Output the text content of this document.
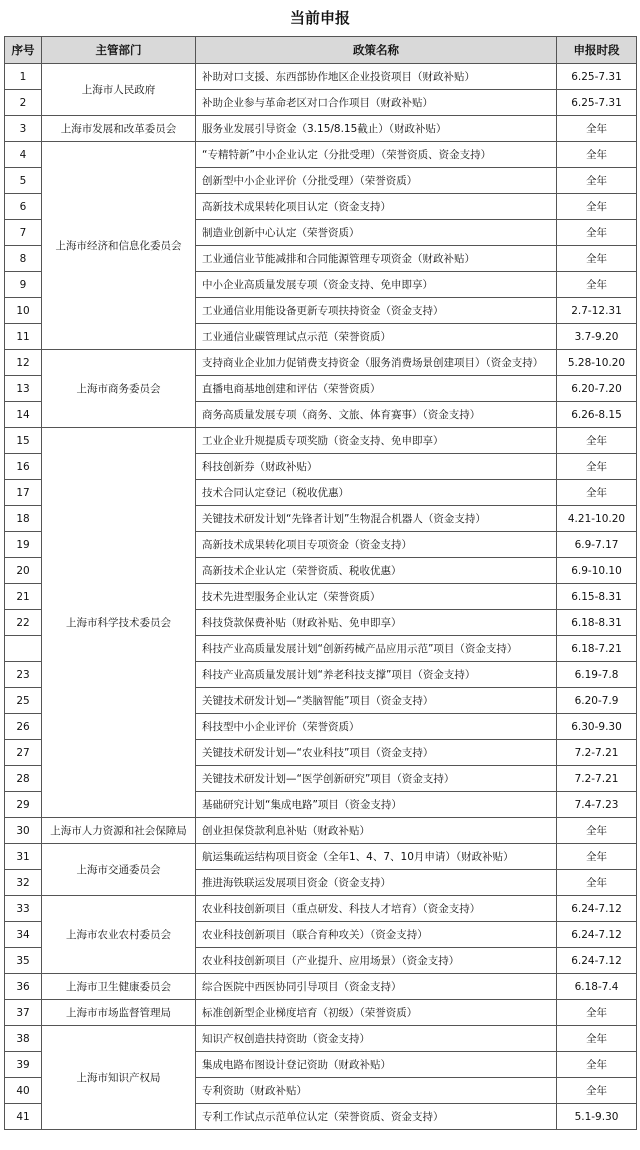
当前申报
序号	主管部门	政策名称	申报时段
1	上海市人民政府	补助对口支援、东西部协作地区企业投资项目（财政补贴）	6.25-7.31
2		补助企业参与革命老区对口合作项目（财政补贴）	6.25-7.31
3	上海市发展和改革委员会	服务业发展引导资金（3.15/8.15截止）（财政补贴）	全年
4	上海市经济和信息化委员会	“专精特新”中小企业认定（分批受理）（荣誉资质、资金支持）	全年
5		创新型中小企业评价（分批受理）（荣誉资质）	全年
6		高新技术成果转化项目认定（资金支持）	全年
7		制造业创新中心认定（荣誉资质）	全年
8		工业通信业节能减排和合同能源管理专项资金（财政补贴）	全年
9		中小企业高质量发展专项（资金支持、免申即享）	全年
10		工业通信业用能设备更新专项扶持资金（资金支持）	2.7-12.31
11		工业通信业碳管理试点示范（荣誉资质）	3.7-9.20
12	上海市商务委员会	支持商业企业加力促销费支持资金（服务消费场景创建项目）（资金支持）	5.28-10.20
13		直播电商基地创建和评估（荣誉资质）	6.20-7.20
14		商务高质量发展专项（商务、文旅、体育赛事）（资金支持）	6.26-8.15
15	上海市科学技术委员会	工业企业升规提质专项奖励（资金支持、免申即享）	全年
16		科技创新券（财政补贴）	全年
17		技术合同认定登记（税收优惠）	全年
18		关键技术研发计划“先锋者计划”生物混合机器人（资金支持）	4.21-10.20
19		高新技术成果转化项目专项资金（资金支持）	6.9-7.17
20		高新技术企业认定（荣誉资质、税收优惠）	6.9-10.10
21		技术先进型服务企业认定（荣誉资质）	6.15-8.31
22		科技贷款保费补贴（财政补贴、免申即享）	6.18-8.31
		科技产业高质量发展计划“创新药械产品应用示范”项目（资金支持）	6.18-7.21
23		科技产业高质量发展计划“养老科技支撑”项目（资金支持）	6.19-7.8
25		关键技术研发计划—“类脑智能”项目（资金支持）	6.20-7.9
26		科技型中小企业评价（荣誉资质）	6.30-9.30
27		关键技术研发计划—“农业科技”项目（资金支持）	7.2-7.21
28		关键技术研发计划—“医学创新研究”项目（资金支持）	7.2-7.21
29		基础研究计划“集成电路”项目（资金支持）	7.4-7.23
30	上海市人力资源和社会保障局	创业担保贷款利息补贴（财政补贴）	全年
31	上海市交通委员会	航运集疏运结构项目资金（全年1、4、7、10月申请）（财政补贴）	全年
32		推进海铁联运发展项目资金（资金支持）	全年
33	上海市农业农村委员会	农业科技创新项目（重点研发、科技人才培育）（资金支持）	6.24-7.12
34		农业科技创新项目（联合育种攻关）（资金支持）	6.24-7.12
35		农业科技创新项目（产业提升、应用场景）（资金支持）	6.24-7.12
36	上海市卫生健康委员会	综合医院中西医协同引导项目（资金支持）	6.18-7.4
37	上海市市场监督管理局	标准创新型企业梯度培育（初级）（荣誉资质）	全年
38	上海市知识产权局	知识产权创造扶持资助（资金支持）	全年
39		集成电路布图设计登记资助（财政补贴）	全年
40		专利资助（财政补贴）	全年
41		专利工作试点示范单位认定（荣誉资质、资金支持）	5.1-9.30
